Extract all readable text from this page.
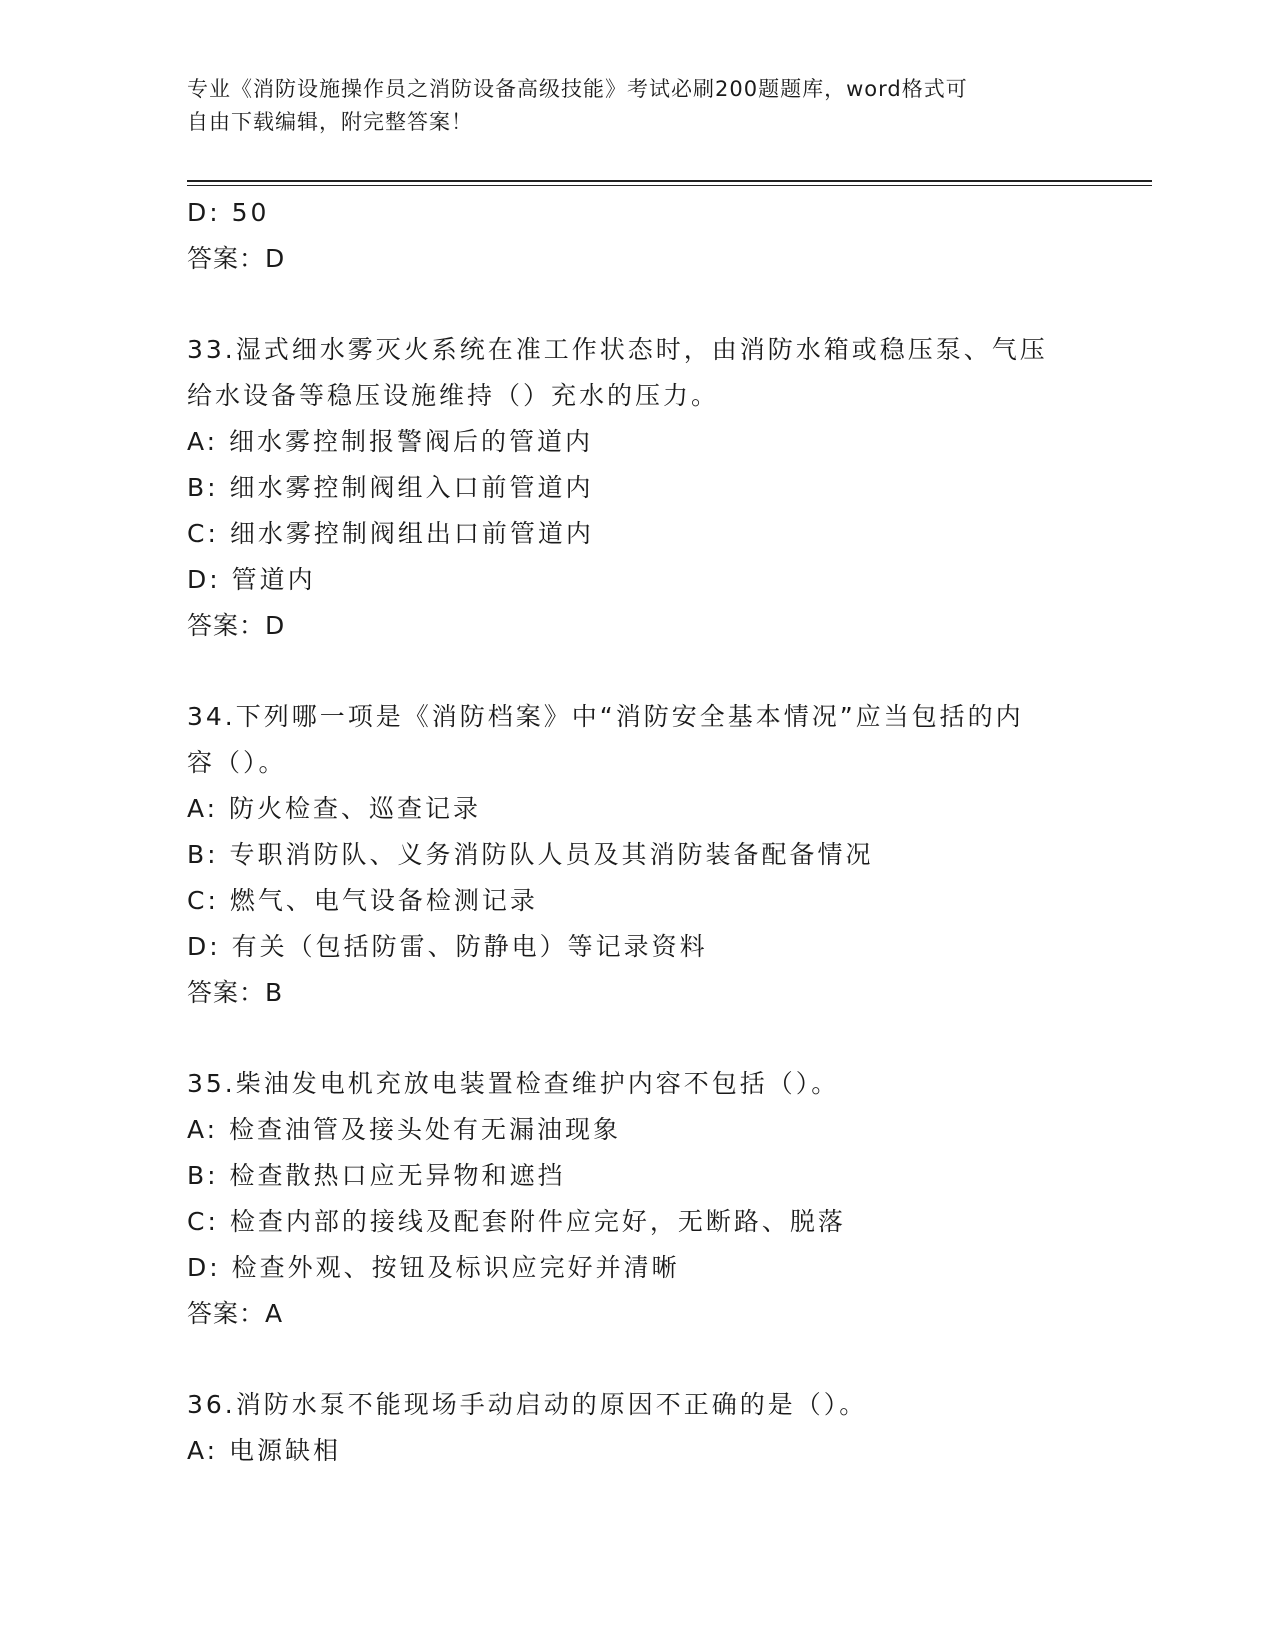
专业《消防设施操作员之消防设备高级技能》考试必刷200题题库，word格式可
自由下载编辑，附完整答案！
D: 50
答案：D
33.湿式细水雾灭火系统在准工作状态时，由消防水箱或稳压泵、气压
给水设备等稳压设施维持（）充水的压力。
A: 细水雾控制报警阀后的管道内
B: 细水雾控制阀组入口前管道内
C: 细水雾控制阀组出口前管道内
D: 管道内
答案：D
34.下列哪一项是《消防档案》中“消防安全基本情况”应当包括的内
容（）。
A: 防火检查、巡查记录
B: 专职消防队、义务消防队人员及其消防装备配备情况
C: 燃气、电气设备检测记录
D: 有关（包括防雷、防静电）等记录资料
答案：B
35.柴油发电机充放电装置检查维护内容不包括（）。
A: 检查油管及接头处有无漏油现象
B: 检查散热口应无异物和遮挡
C: 检查内部的接线及配套附件应完好，无断路、脱落
D: 检查外观、按钮及标识应完好并清晰
答案：A
36.消防水泵不能现场手动启动的原因不正确的是（）。
A: 电源缺相
